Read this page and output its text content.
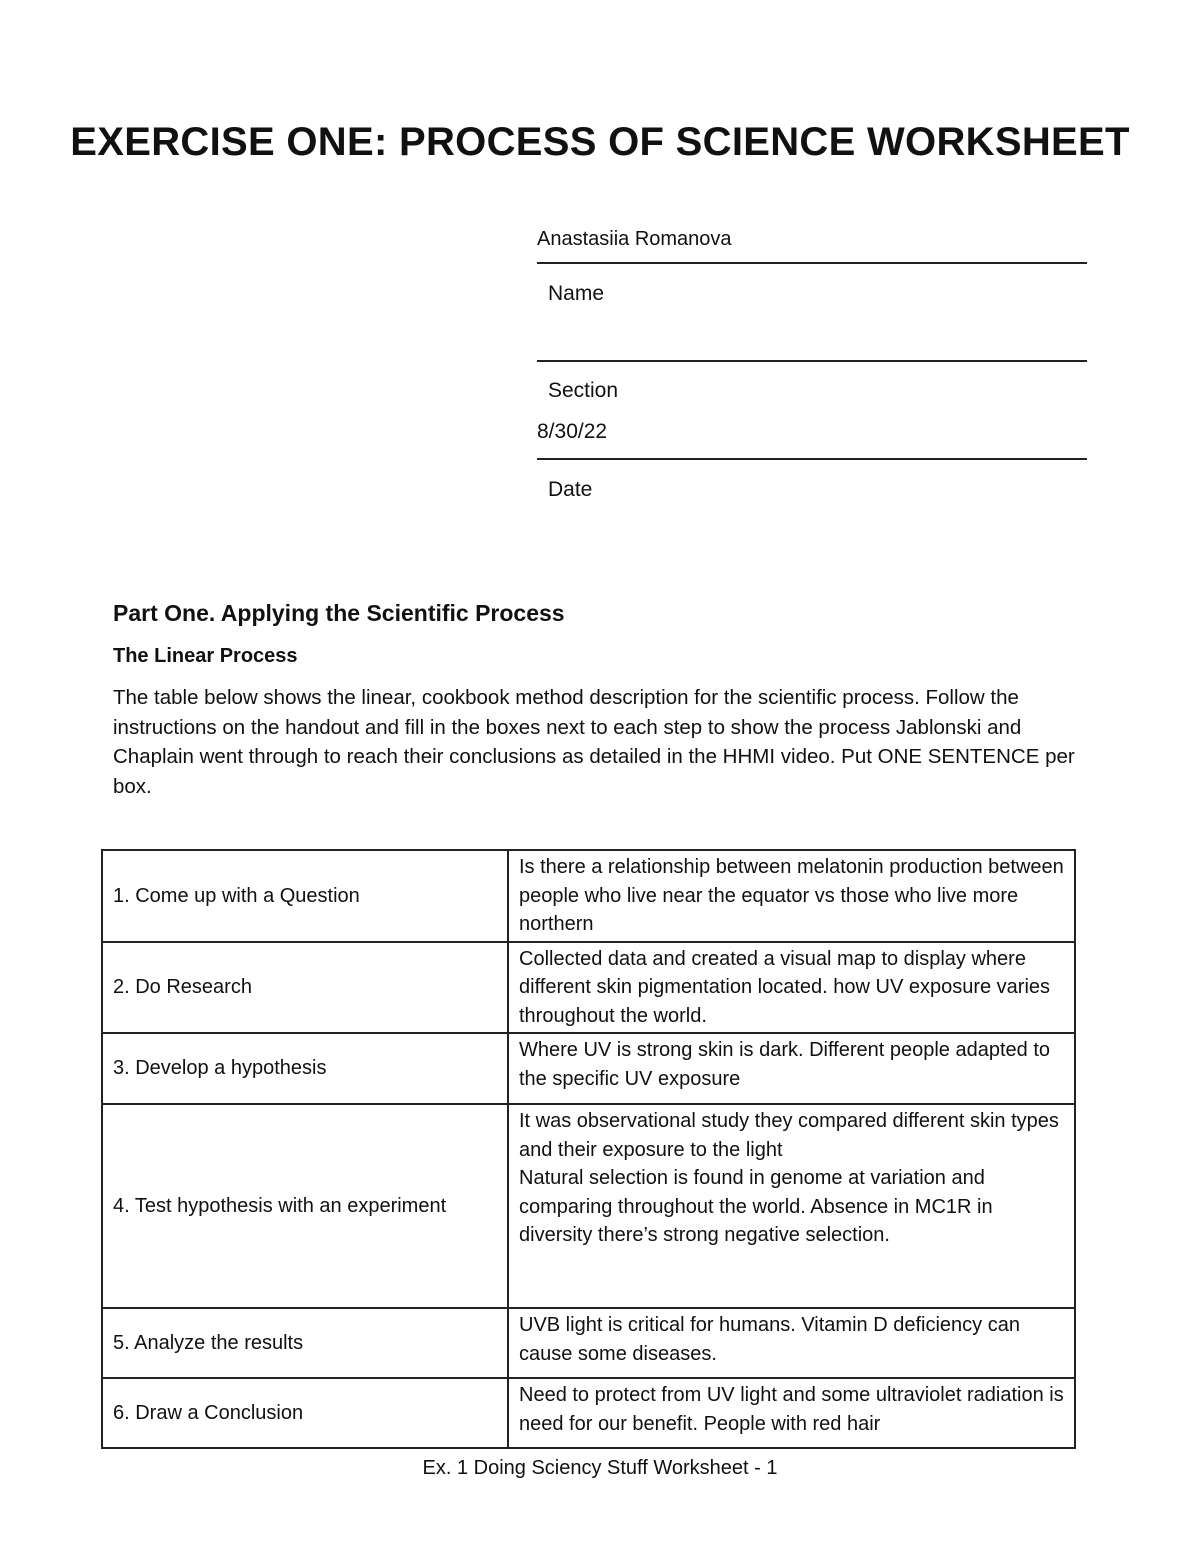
EXERCISE ONE: PROCESS OF SCIENCE WORKSHEET
Anastasiia Romanova
Name
Section
8/30/22
Date
Part One. Applying the Scientific Process
The Linear Process

The table below shows the linear, cookbook method description for the scientific process. Follow the instructions on the handout and fill in the boxes next to each step to show the process Jablonski and Chaplain went through to reach their conclusions as detailed in the HHMI video. Put ONE SENTENCE per box.

1. Come up with a Question	Is there a relationship between melatonin production between people who live near the equator vs those who live more northern
2. Do Research	Collected data and created a visual map to display where different skin pigmentation located. how UV exposure varies throughout the world.
3. Develop a hypothesis	Where UV is strong skin is dark. Different people adapted to the specific UV exposure
4. Test hypothesis with an experiment	It was observational study they compared different skin types and their exposure to the light
Natural selection is found in genome at variation and comparing throughout the world. Absence in MC1R in diversity there’s strong negative selection.
5. Analyze the results	UVB light is critical for humans. Vitamin D deficiency can cause some diseases.
6. Draw a Conclusion	Need to protect from UV light and some ultraviolet radiation is need for our benefit. People with red hair
Ex. 1 Doing Sciency Stuff Worksheet - 1
